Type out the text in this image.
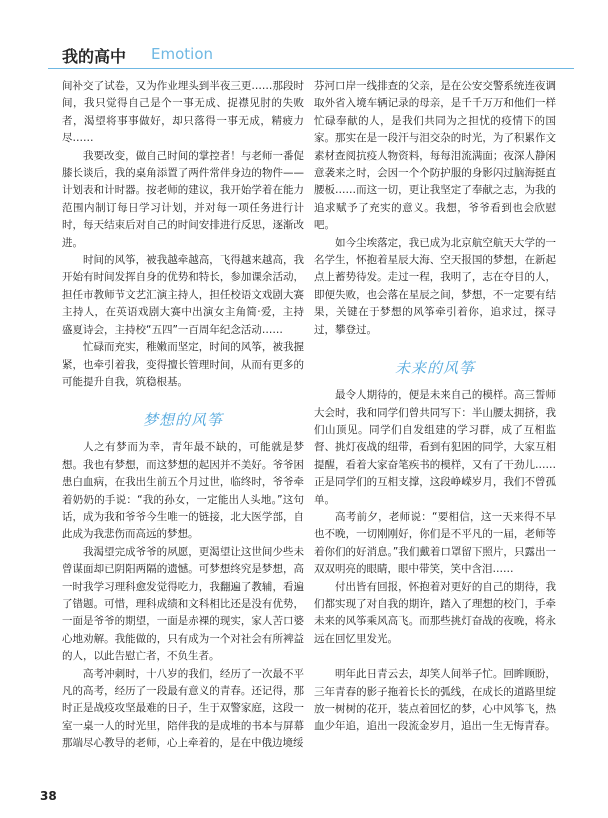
我的高中 Emotion

间补交了试卷，又为作业埋头到半夜三更……那段时间，我只觉得自己是个一事无成、捉襟见肘的失败者，渴望将事事做好，却只落得一事无成，精疲力尽……

我要改变，做自己时间的掌控者！与老师一番促膝长谈后，我的桌角添置了两件常伴身边的物件——计划表和计时器。按老师的建议，我开始学着在能力范围内制订每日学习计划，并对每一项任务进行计时，每天结束后对自己的时间安排进行反思，逐渐改进。

时间的风筝，被我越牵越高，飞得越来越高，我开始有时间发挥自身的优势和特长，参加课余活动，担任市教师节文艺汇演主持人，担任校语文戏剧大赛主持人，在英语戏剧大赛中出演女主角简·爱，主持盛夏诗会，主持校“五四”一百周年纪念活动……

忙碌而充实，稚嫩而坚定，时间的风筝，被我握紧，也牵引着我，变得擅长管理时间，从而有更多的可能提升自我，筑稳根基。

梦想的风筝

人之有梦而为幸，青年最不缺的，可能就是梦想。我也有梦想，而这梦想的起因并不美好。爷爷困患白血病，在我出生前五个月过世，临终时，爷爷牵着奶奶的手说：“我的孙女，一定能出人头地。”这句话，成为我和爷爷今生唯一的链接，北大医学部，自此成为我悲伤而高远的梦想。

我渴望完成爷爷的夙愿，更渴望让这世间少些未曾谋面却已阴阳两隔的遗憾。可梦想终究是梦想，高一时我学习理科愈发觉得吃力，我翻遍了教辅，看遍了错题。可惜，理科成绩和文科相比还是没有优势，一面是爷爷的期望，一面是赤裸的现实，家人苦口婆心地劝解。我能做的，只有成为一个对社会有所裨益的人，以此告慰亡者，不负生者。

高考冲刺时，十八岁的我们，经历了一次最不平凡的高考，经历了一段最有意义的青春。还记得，那时正是战疫攻坚最难的日子，生于双警家庭，这段一室一桌一人的时光里，陪伴我的是成堆的书本与屏幕那端尽心教导的老师，心上牵着的，是在中俄边境绥

芬河口岸一线排查的父亲，是在公安交警系统连夜调取外省入境车辆记录的母亲，是千千万万和他们一样忙碌奉献的人，是我们共同为之担忧的疫情下的国家。那实在是一段汗与泪交杂的时光，为了积累作文素材查阅抗疫人物资料，每每泪流满面；夜深人静闲意袭来之时，会因一个个防护服的身影闪过脑海挺直腰板……而这一切，更让我坚定了奉献之志，为我的追求赋予了充实的意义。我想，爷爷看到也会欣慰吧。

如今尘埃落定，我已成为北京航空航天大学的一名学生，怀抱着星辰大海、空天报国的梦想，在新起点上蓄势待发。走过一程，我明了，志在夺目的人，即便失败，也会落在星辰之间，梦想，不一定要有结果，关键在于梦想的风筝牵引着你，追求过，探寻过，攀登过。

未来的风筝

最令人期待的，便是未来自己的模样。高三誓师大会时，我和同学们曾共同写下：半山腰太拥挤，我们山顶见。同学们自发组建的学习群，成了互相监督、挑灯夜战的纽带，看到有犯困的同学，大家互相提醒，看着大家奋笔疾书的模样，又有了干劲儿……正是同学们的互相支撑，这段峥嵘岁月，我们不曾孤单。

高考前夕，老师说：“要相信，这一天来得不早也不晚，一切刚刚好，你们是不平凡的一届，老师等着你们的好消息。”我们戴着口罩留下照片，只露出一双双明亮的眼睛，眼中带笑，笑中含泪……

付出皆有回报，怀抱着对更好的自己的期待，我们都实现了对自我的期许，踏入了理想的校门，手牵未来的风筝乘风高飞。而那些挑灯奋战的夜晚，将永远在回忆里发光。

明年此日青云去，却笑人间举子忙。回眸顾盼，三年青春的影子拖着长长的弧线，在成长的道路里绽放一树树的花开，装点着回忆的梦，心中风筝飞，热血少年追，追出一段流金岁月，追出一生无悔青春。

38
